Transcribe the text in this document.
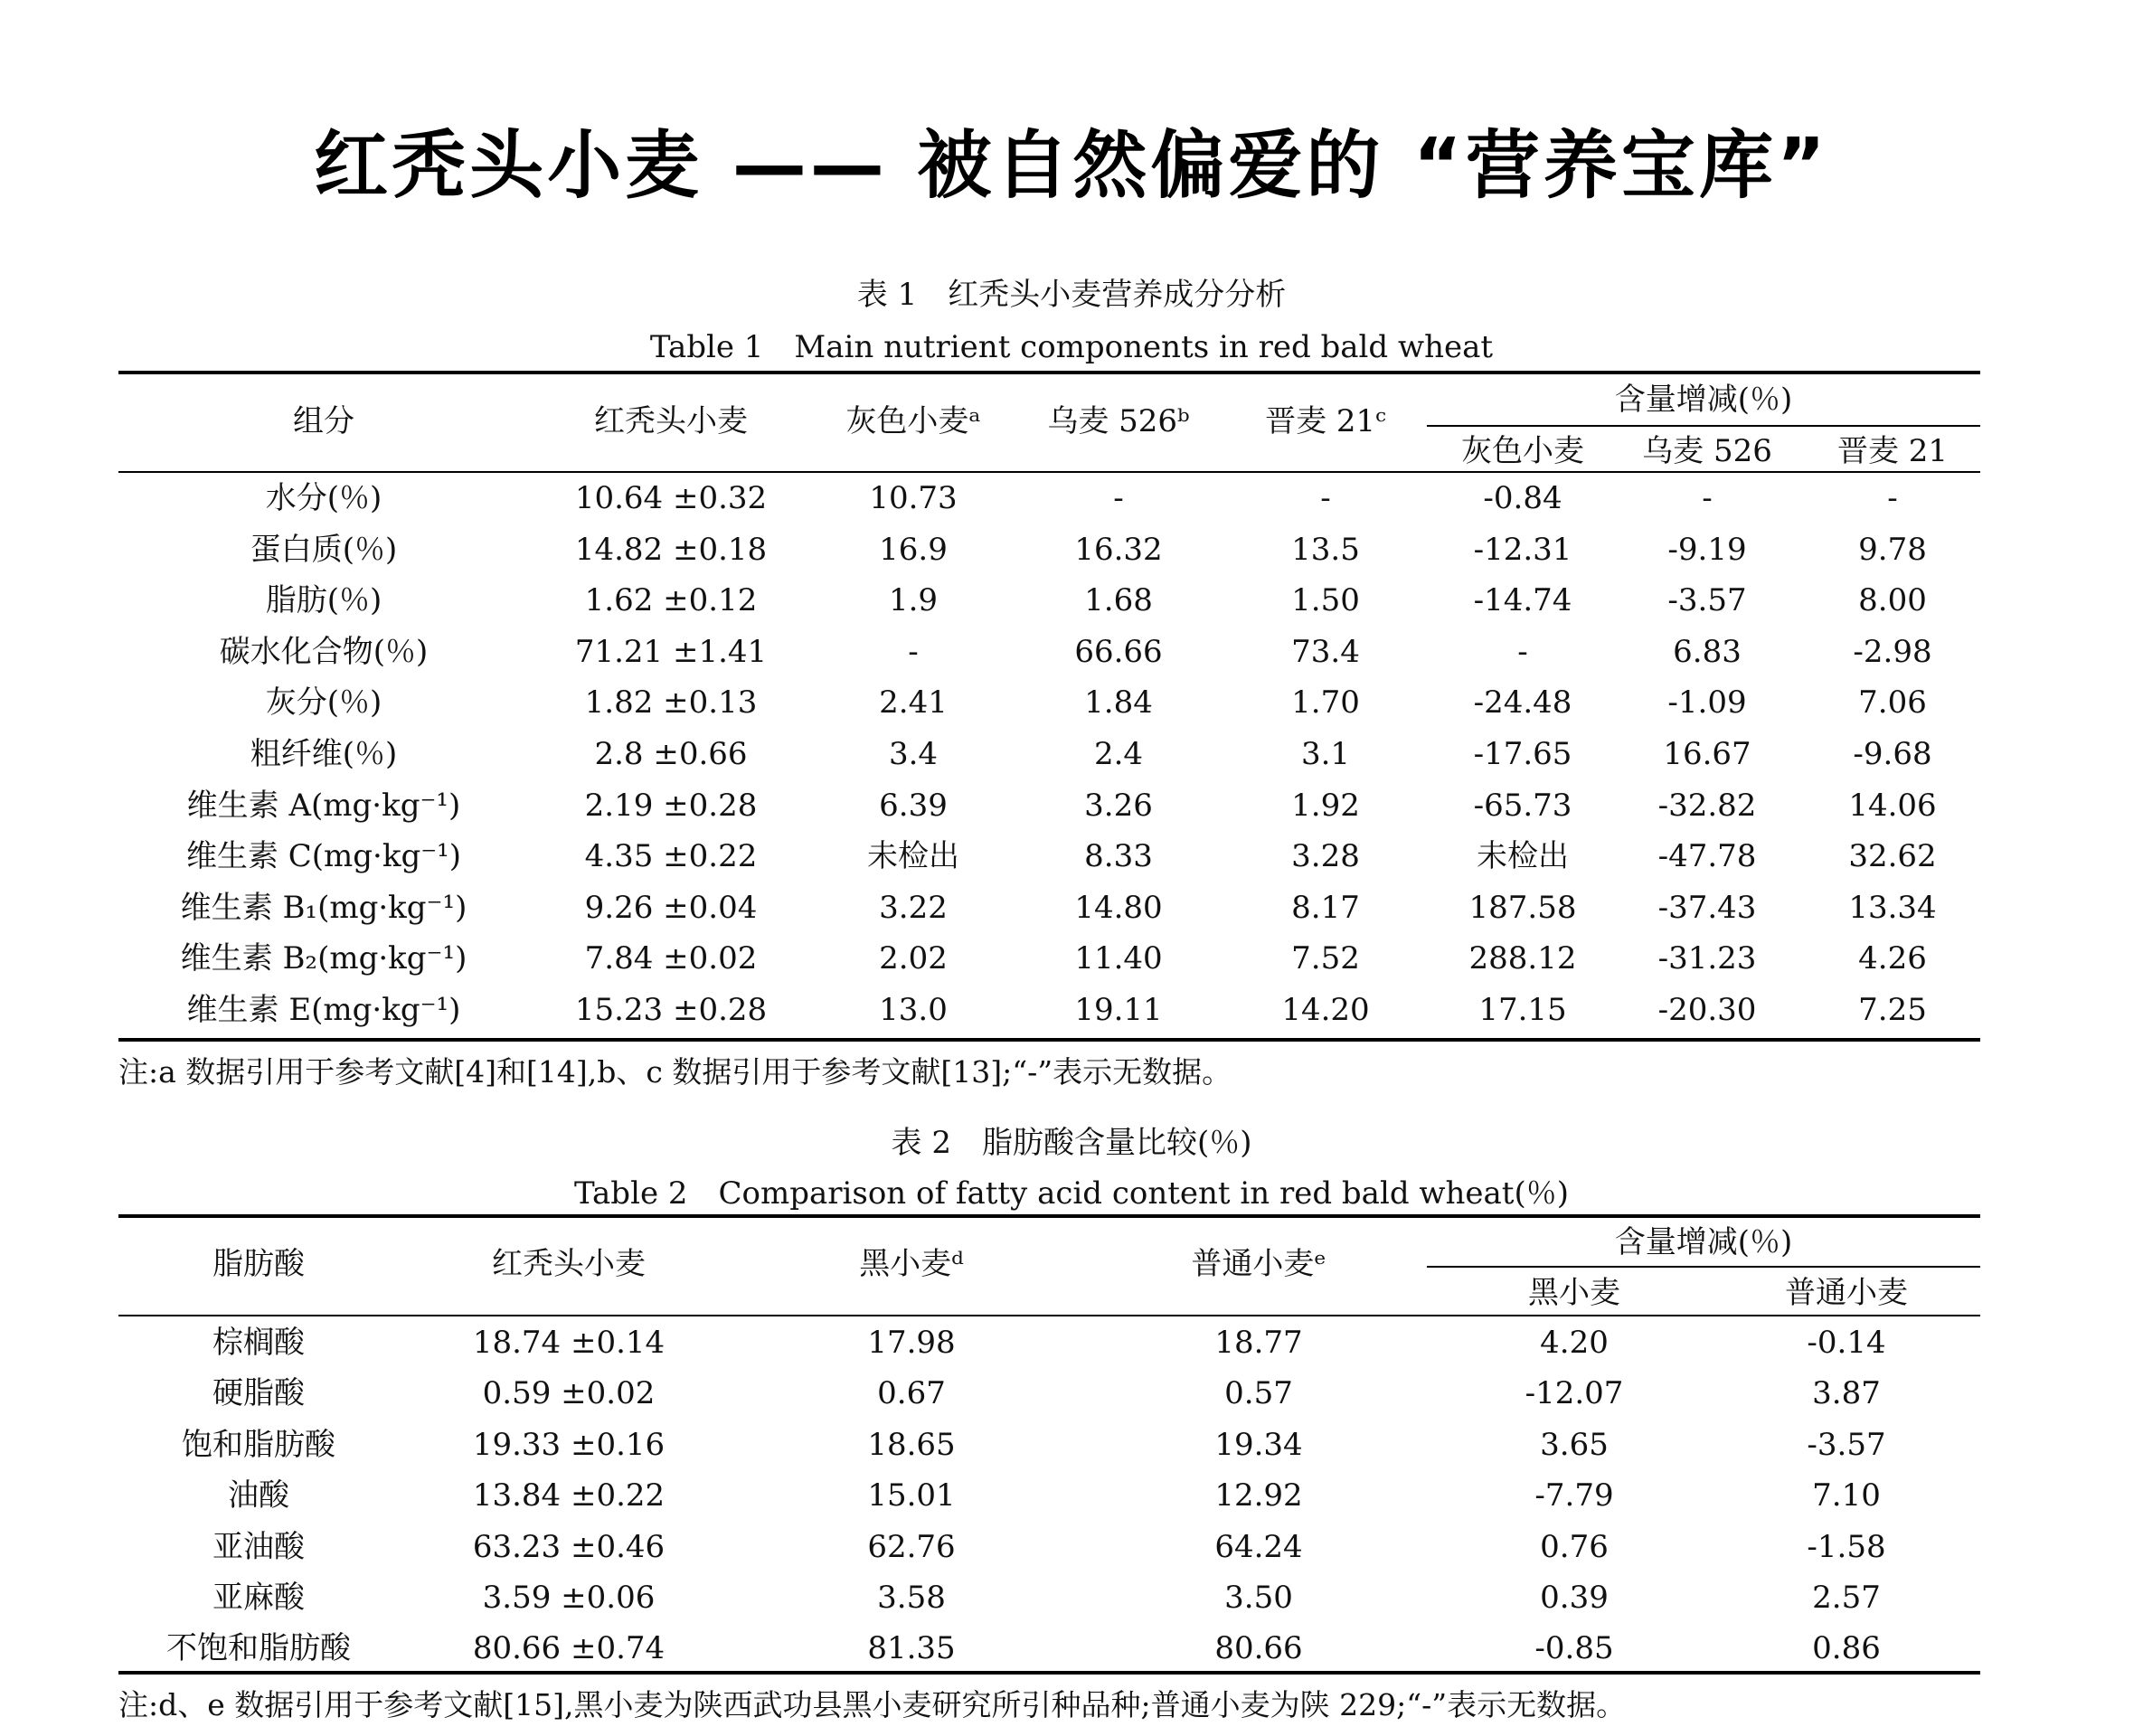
红秃头小麦 —— 被自然偏爱的 “营养宝库”
表 1　红秃头小麦营养成分分析
Table 1　Main nutrient components in red bald wheat
组分	红秃头小麦	灰色小麦ᵃ	乌麦 526ᵇ	晋麦 21ᶜ
含量增减(％)
灰色小麦	乌麦 526	晋麦 21
水分(％)	10.64 ±0.32	10.73	-	-	-0.84	-	-
蛋白质(％)	14.82 ±0.18	16.9	16.32	13.5	-12.31	-9.19	9.78
脂肪(％)	1.62 ±0.12	1.9	1.68	1.50	-14.74	-3.57	8.00
碳水化合物(％)	71.21 ±1.41	-	66.66	73.4	-	6.83	-2.98
灰分(％)	1.82 ±0.13	2.41	1.84	1.70	-24.48	-1.09	7.06
粗纤维(％)	2.8 ±0.66	3.4	2.4	3.1	-17.65	16.67	-9.68
维生素 A(mg·kg⁻¹)	2.19 ±0.28	6.39	3.26	1.92	-65.73	-32.82	14.06
维生素 C(mg·kg⁻¹)	4.35 ±0.22	未检出	8.33	3.28	未检出	-47.78	32.62
维生素 B₁(mg·kg⁻¹)	9.26 ±0.04	3.22	14.80	8.17	187.58	-37.43	13.34
维生素 B₂(mg·kg⁻¹)	7.84 ±0.02	2.02	11.40	7.52	288.12	-31.23	4.26
维生素 E(mg·kg⁻¹)	15.23 ±0.28	13.0	19.11	14.20	17.15	-20.30	7.25
注:a 数据引用于参考文献[4]和[14],b、c 数据引用于参考文献[13];“-”表示无数据。
表 2　脂肪酸含量比较(％)
Table 2　Comparison of fatty acid content in red bald wheat(％)
脂肪酸	红秃头小麦	黑小麦ᵈ	普通小麦ᵉ
含量增减(％)
黑小麦	普通小麦
棕榈酸	18.74 ±0.14	17.98	18.77	4.20	-0.14
硬脂酸	0.59 ±0.02	0.67	0.57	-12.07	3.87
饱和脂肪酸	19.33 ±0.16	18.65	19.34	3.65	-3.57
油酸	13.84 ±0.22	15.01	12.92	-7.79	7.10
亚油酸	63.23 ±0.46	62.76	64.24	0.76	-1.58
亚麻酸	3.59 ±0.06	3.58	3.50	0.39	2.57
不饱和脂肪酸	80.66 ±0.74	81.35	80.66	-0.85	0.86
注:d、e 数据引用于参考文献[15],黑小麦为陕西武功县黑小麦研究所引种品种;普通小麦为陕 229;“-”表示无数据。
